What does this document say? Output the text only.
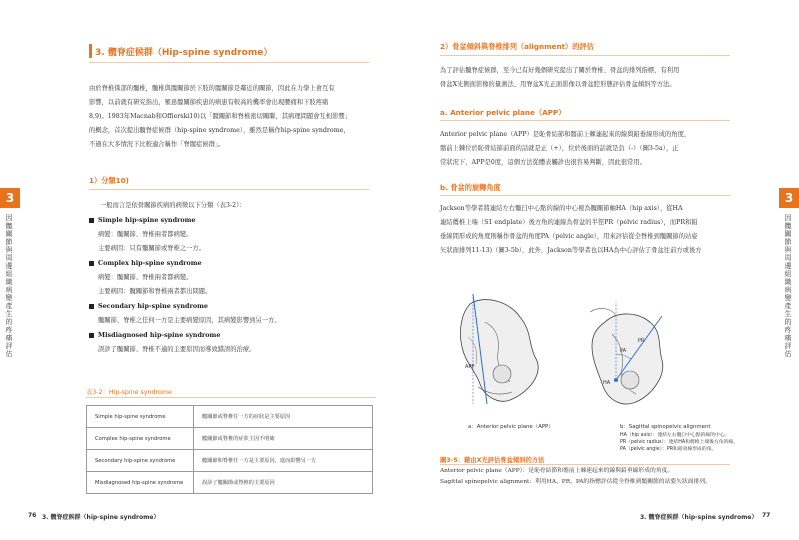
3. 髖脊症候群（Hip-spine syndrome）
由於脊椎係部的髖椎，髖椎與髋關節於下肢的髋關節是鄰近的關節，因此在力學上會互有
影響，以前就有研究指出，罹患髋關節疾患的病患有較高的機率會出現腰痛和下肢疼痛
8,9)。1983年Macnab和Offierski10)以「髋關節和脊椎密切關聯，其病理問題會互相影響」
的概念，首次提出髖脊症候群（hip-spine syndrome），雖然是稱作hip-spine syndrome，
不過在大多情況下比較適合稱作「脊髋症候群」。
1）分類10)
一般而言是依骨關節疾病的病徵以下分類（表3-2）：
Simple hip-spine syndrome
病變：髖關節、脊椎兩者都病變。
主要病因：只有髖關節或脊椎之一方。
Complex hip-spine syndrome
病變：髖關節、脊椎兩者都病變。
主要病因：髖關節和脊椎兩者都出問題。
Secondary hip-spine syndrome
髖關節、脊椎之任何一方是主要病變原因，其病變影響到另一方。
Misdiagnosed hip-spine syndrome
誤診了髖關節、脊椎不適的主要原因而導致錯誤的治療。
表3-2：Hip-spine syndrome
Simple hip-spine syndrome	髖關節或脊椎任一方的症狀是主要原因
Complex hip-spine syndrome	髖關節或脊椎的症狀主因不明確
Secondary hip-spine syndrome	髖關節和脊椎任一方是主要原因，進而影響另一方
Misdiagnosed hip-spine syndrome	誤診了髖關節或脊椎的主要原因
76 3. 髖脊症候群（hip-spine syndrome）
3
因髖關節與周邊組織病變產生的疼痛評估
2）骨盆傾斜與脊椎排列（alignment）的評估
為了評估髖脊症候群，至今已有好幾個研究提出了關於脊椎、骨盆的排列指標，有利用
骨盆X光側面影像的量測法、用脊盆X光正面影像以骨盆腔形態評估骨盆傾斜等方法。
a. Anterior pelvic plane（APP）
Anterior pelvic plane（APP）是恥骨結節和髂前上棘連起來的線與鉛垂線形成的角度，
髂前上棘位於恥骨結節前面的話就是正（+），位於後面的話就是負（-）（圖3-5a），正
常狀況下，APP是0度，這個方法從體表觸診也很容易判斷，因此很常用。
b. 骨盆的旋轉角度
Jackson等學者將連結左右髖臼中心點的線的中心視為髖關節軸HA（hip axis），從HA
連結薦椎上端（S1 endplate）後方角的連線為骨盆的半徑PR（pelvic radius），而PR和鉛
垂線間形成的角度則稱作骨盆的角度PA（pelvic angle），用來評估從全脊椎到髖關節的站姿
矢狀面排列11-13)（圖3-5b），此外，Jackson等學者也以HA為中心評估了骨盆往前方或後方
APP
PR
PA
HA
a：Anterior pelvic plane（APP）	b：Sagittal spinopelvic alignment
HA（hip axis）：連結左右髖臼中心點的線的中心。
PR（pelvic radius）：連結HA和薦椎上端後方角的線。
PA（pelvic angle）：PR和鉛垂線形成的角。
圖3-5：藉由X光評估骨盆傾斜的方法
Anterior pelvic plane（APP）：是恥骨結節和髂前上棘連起來的線與鉛垂線形成的角度。
Sagittal spinopelvic alignment：利用HA、PR、PA的指標評估從全脊椎到髖關節的站姿矢狀面排列。
3. 髖脊症候群（hip-spine syndrome） 77
3
因髖關節與周邊組織病變產生的疼痛評估
